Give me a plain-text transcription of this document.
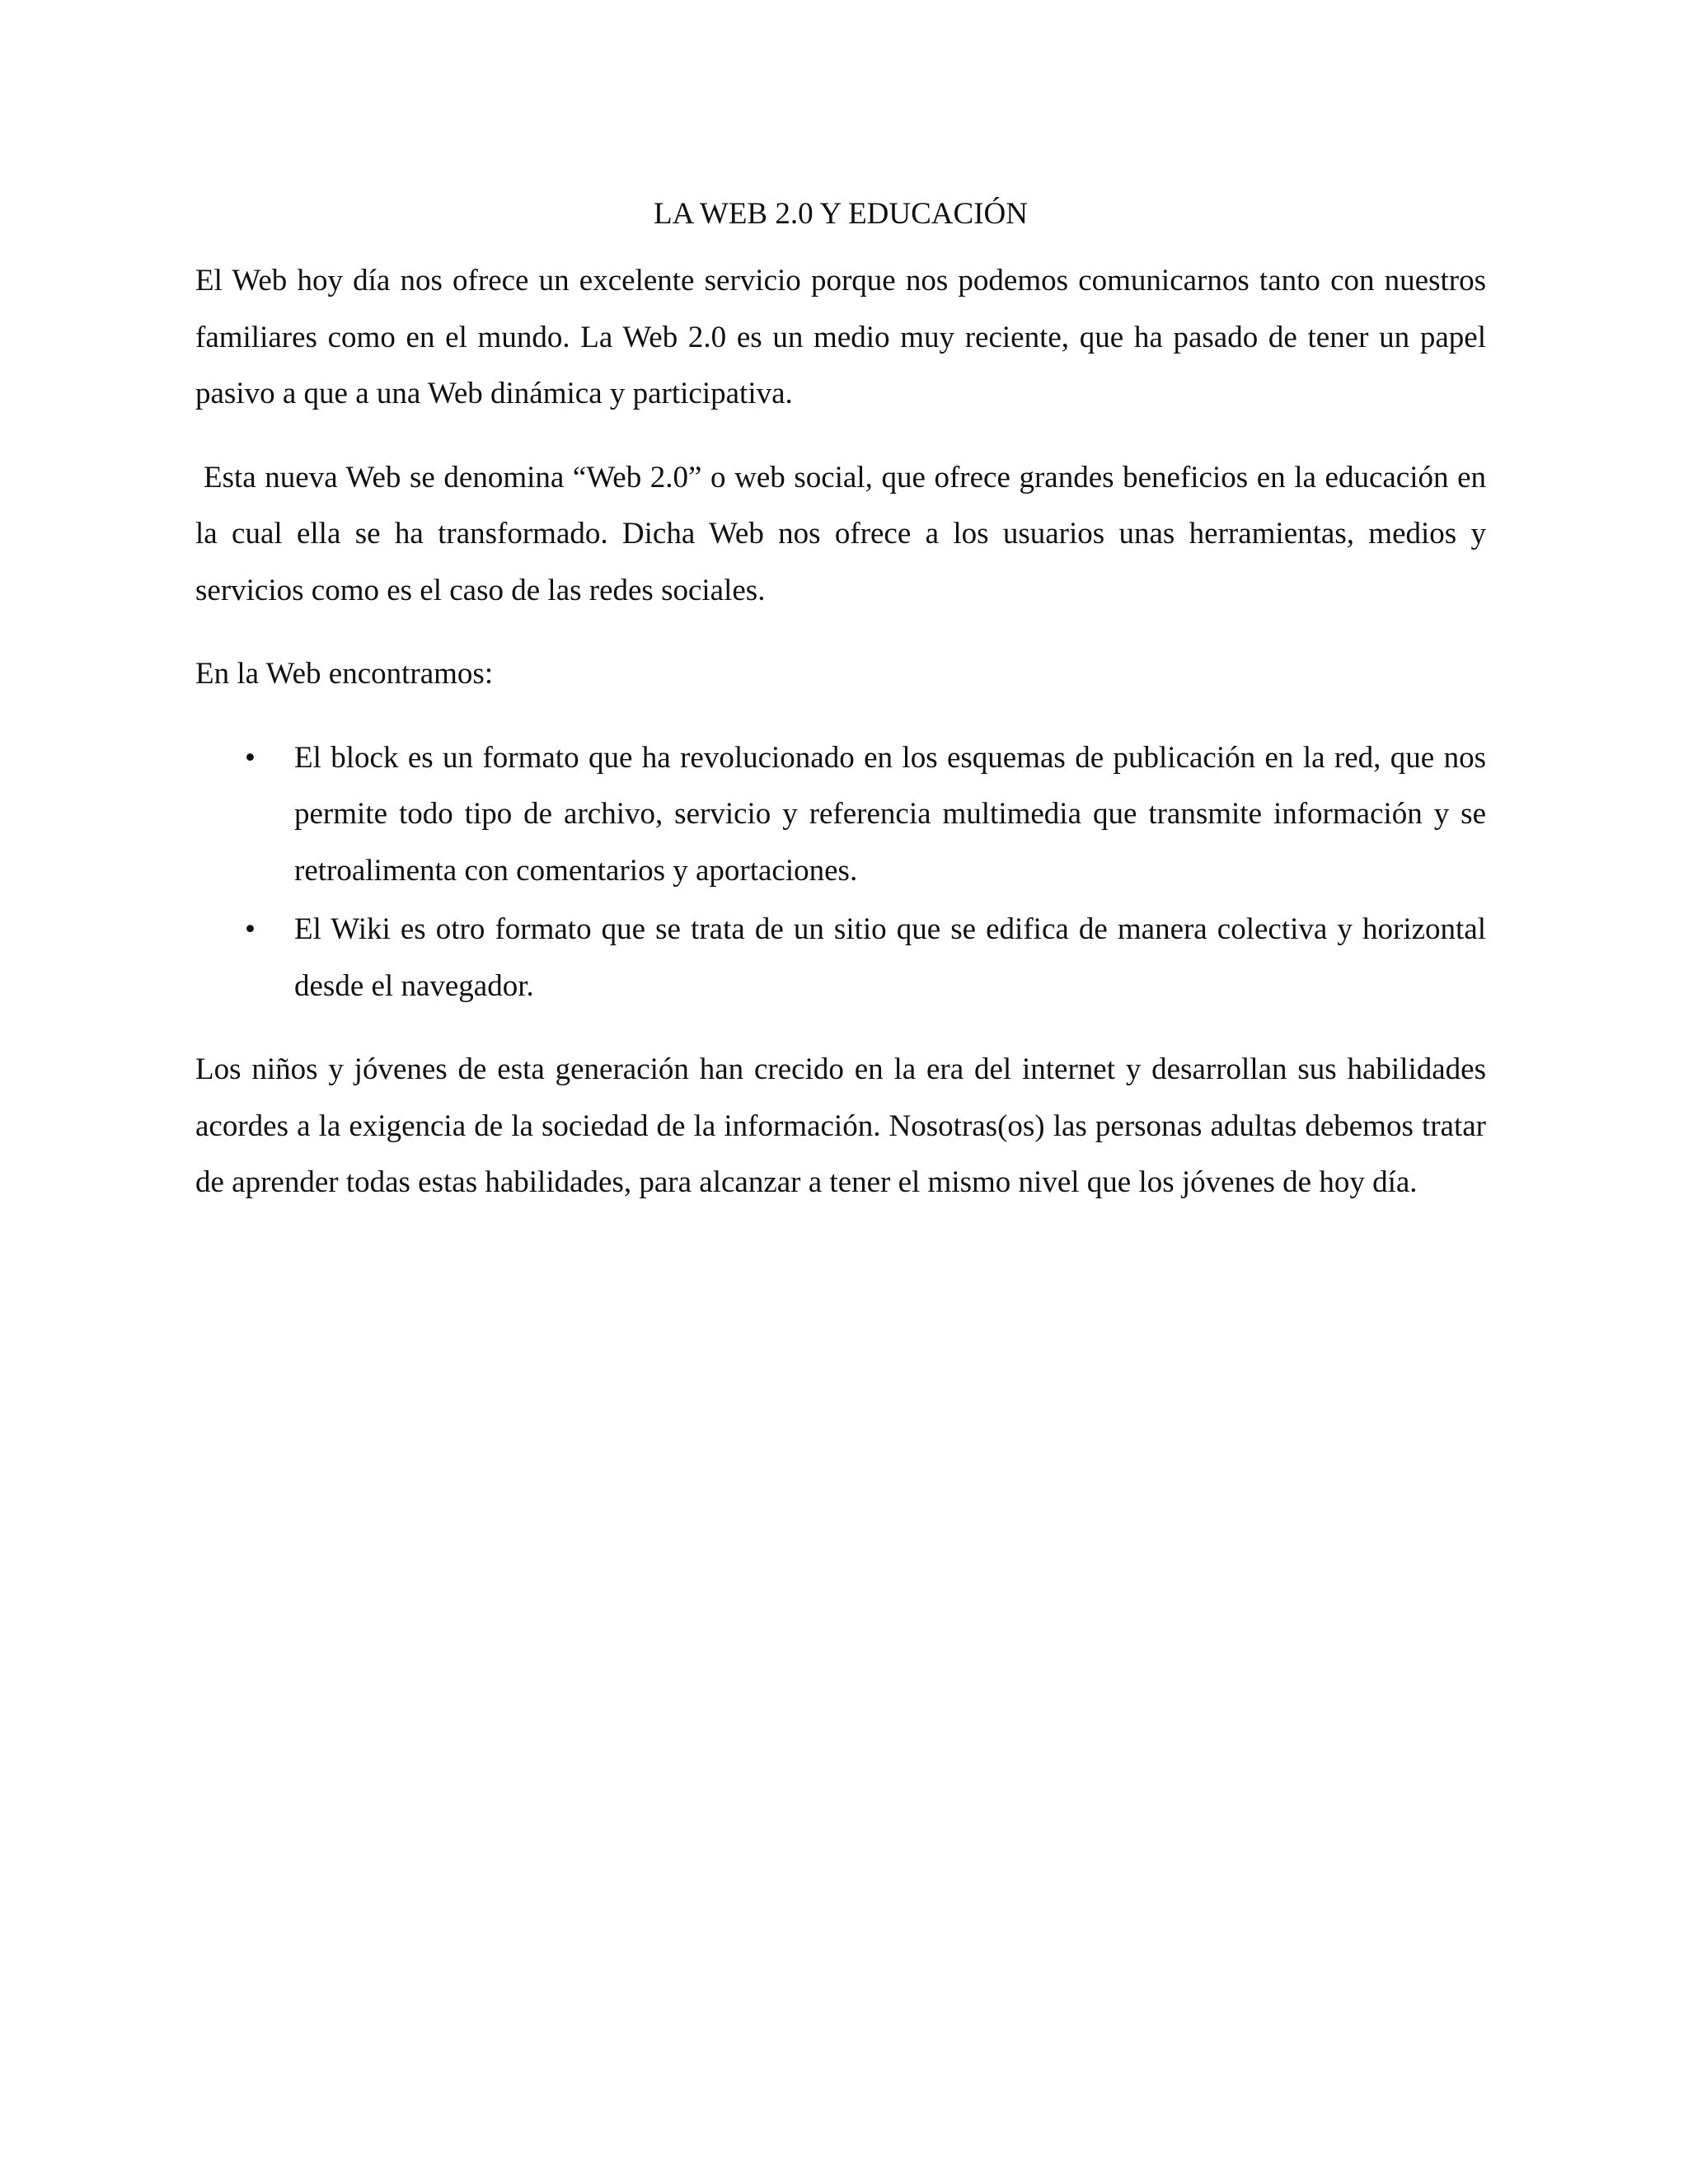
LA WEB 2.0 Y EDUCACIÓN

El Web hoy día nos ofrece un excelente servicio porque nos podemos comunicarnos tanto con nuestros familiares como en el mundo. La Web 2.0 es un medio muy reciente, que ha pasado de tener un papel pasivo a que a una Web dinámica y participativa.

Esta nueva Web se denomina “Web 2.0” o web social, que ofrece grandes beneficios en la educación en la cual ella se ha transformado. Dicha Web nos ofrece a los usuarios unas herramientas, medios y servicios como es el caso de las redes sociales.

En la Web encontramos:

•	El block es un formato que ha revolucionado en los esquemas de publicación en la red, que nos permite todo tipo de archivo, servicio y referencia multimedia que transmite información y se retroalimenta con comentarios y aportaciones.
•	El Wiki es otro formato que se trata de un sitio que se edifica de manera colectiva y horizontal desde el navegador.

Los niños y jóvenes de esta generación han crecido en la era del internet y desarrollan sus habilidades acordes a la exigencia de la sociedad de la información. Nosotras(os) las personas adultas debemos tratar de aprender todas estas habilidades, para alcanzar a tener el mismo nivel que los jóvenes de hoy día.
